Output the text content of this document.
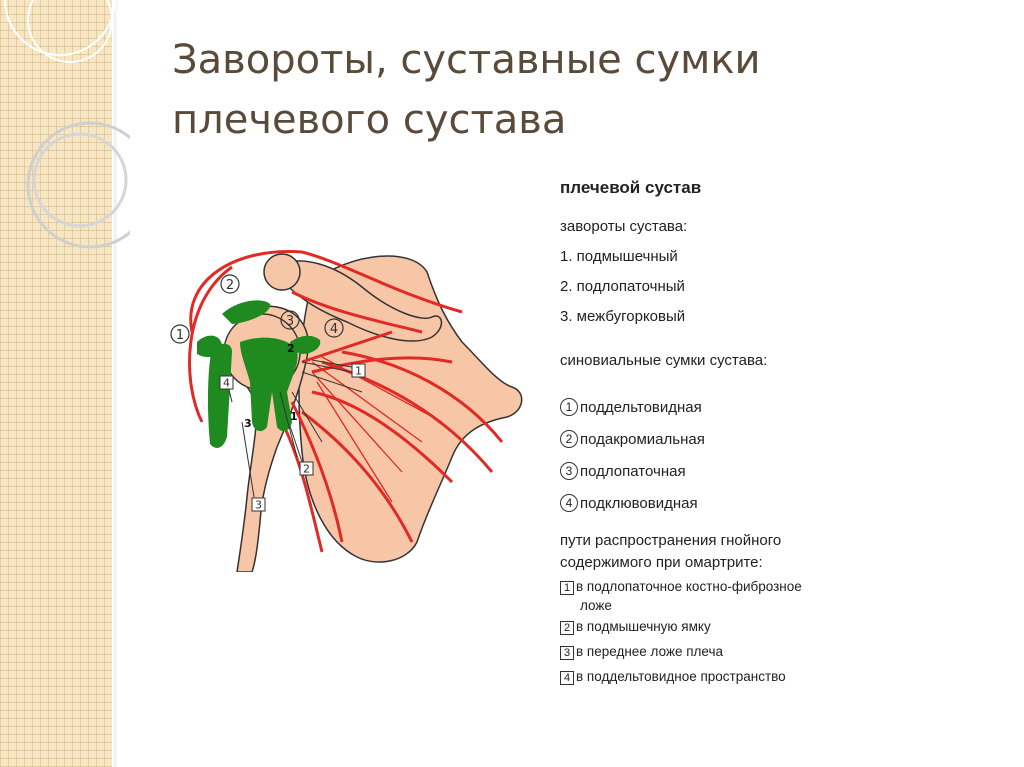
Завороты, суставные сумки
плечевого сустава
1
2
3
1
2
3
4
1
2
3
4
плечевой сустав
завороты сустава:
1. подмышечный
2. подлопаточный
3. межбугорковый
синовиальные сумки сустава:
1 поддельтовидная
2 подакромиальная
3 подлопаточная
4 подклювовидная
пути распространения гнойного
содержимого при омартрите:
1 в подлопаточное костно-фиброзное
ложе
2 в подмышечную ямку
3 в переднее ложе плеча
4 в поддельтовидное пространство
